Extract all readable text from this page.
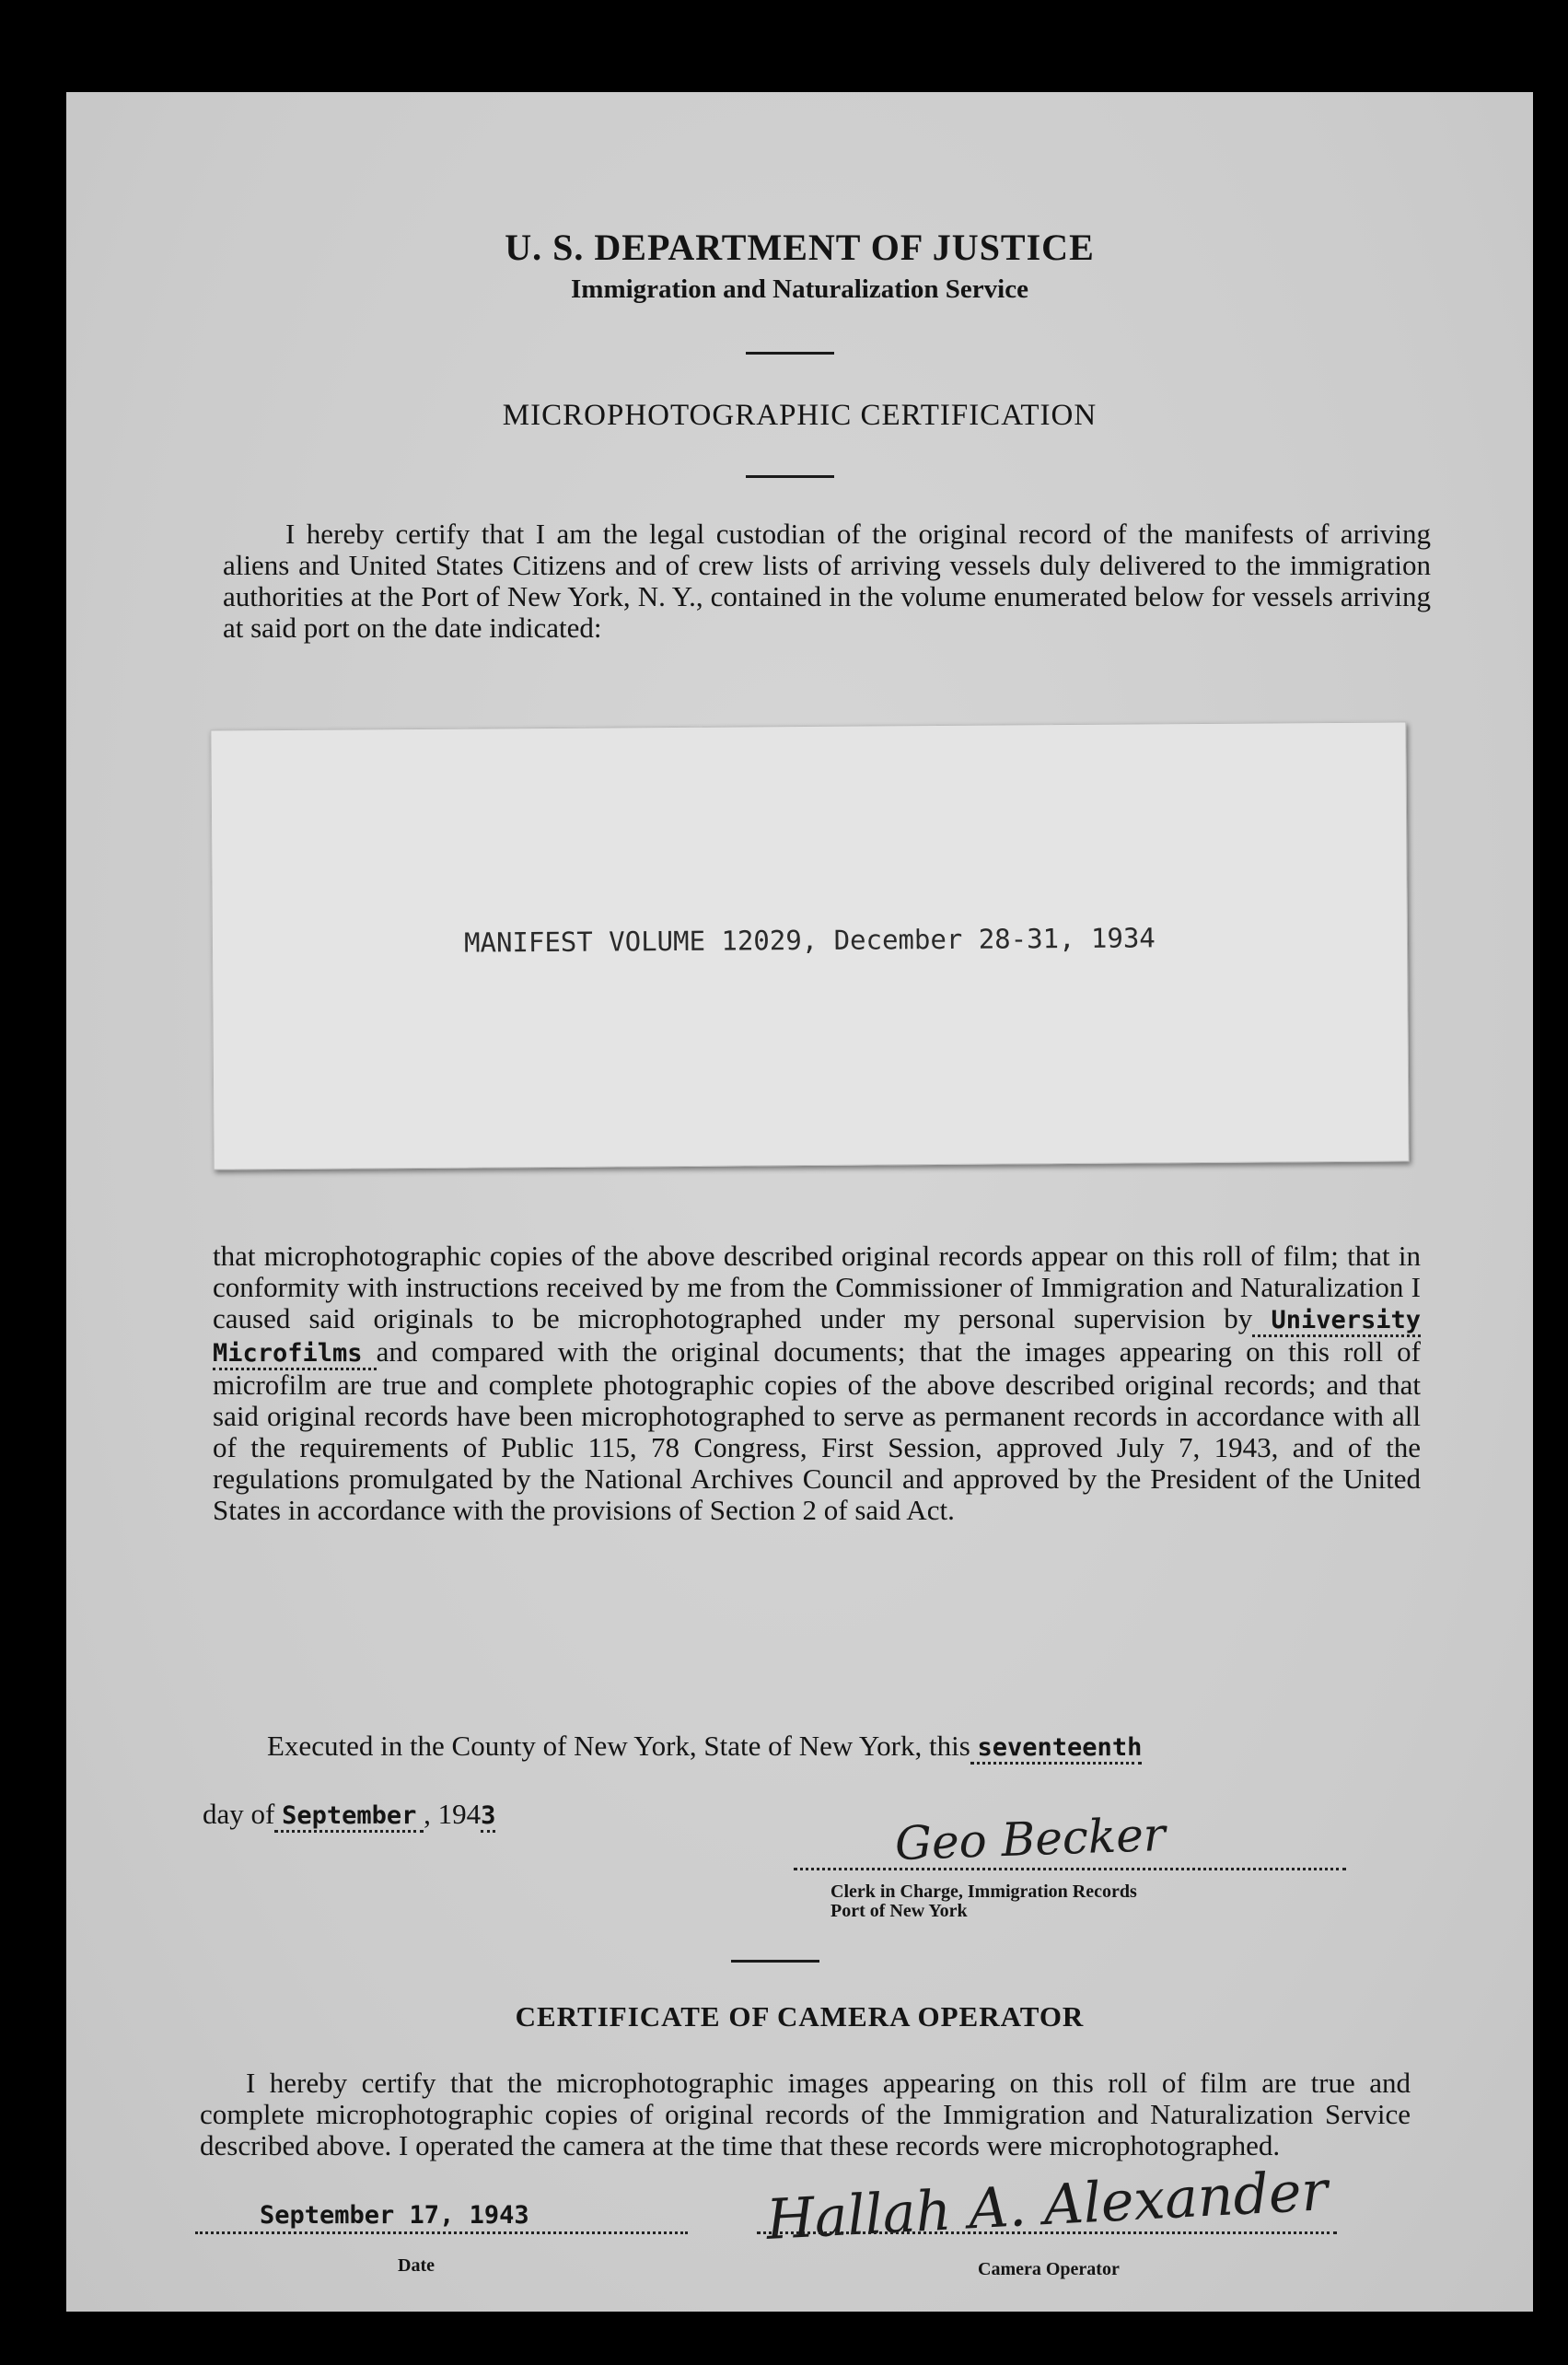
U. S. DEPARTMENT OF JUSTICE
Immigration and Naturalization Service
MICROPHOTOGRAPHIC CERTIFICATION
I hereby certify that I am the legal custodian of the original record of the manifests of arriving aliens and United States Citizens and of crew lists of arriving vessels duly delivered to the immigration authorities at the Port of New York, N. Y., contained in the volume enumerated below for vessels arriving at said port on the date indicated:
MANIFEST VOLUME 12029, December 28-31, 1934
that microphotographic copies of the above described original records appear on this roll of film; that in conformity with instructions received by me from the Commissioner of Immigration and Naturalization I caused said originals to be microphotographed under my personal supervision by University Microfilms and compared with the original documents; that the images appearing on this roll of microfilm are true and complete photographic copies of the above described original records; and that said original records have been microphotographed to serve as permanent records in accordance with all of the requirements of Public 115, 78 Congress, First Session, approved July 7, 1943, and of the regulations promulgated by the National Archives Council and approved by the President of the United States in accordance with the provisions of Section 2 of said Act.
Executed in the County of New York, State of New York, this seventeenth
day of September , 1943	Geo Becker
Clerk in Charge, Immigration Records
Port of New York
CERTIFICATE OF CAMERA OPERATOR
I hereby certify that the microphotographic images appearing on this roll of film are true and complete microphotographic copies of original records of the Immigration and Naturalization Service described above. I operated the camera at the time that these records were microphotographed.
September 17, 1943
Date
Hallah A. Alexander
Camera Operator
